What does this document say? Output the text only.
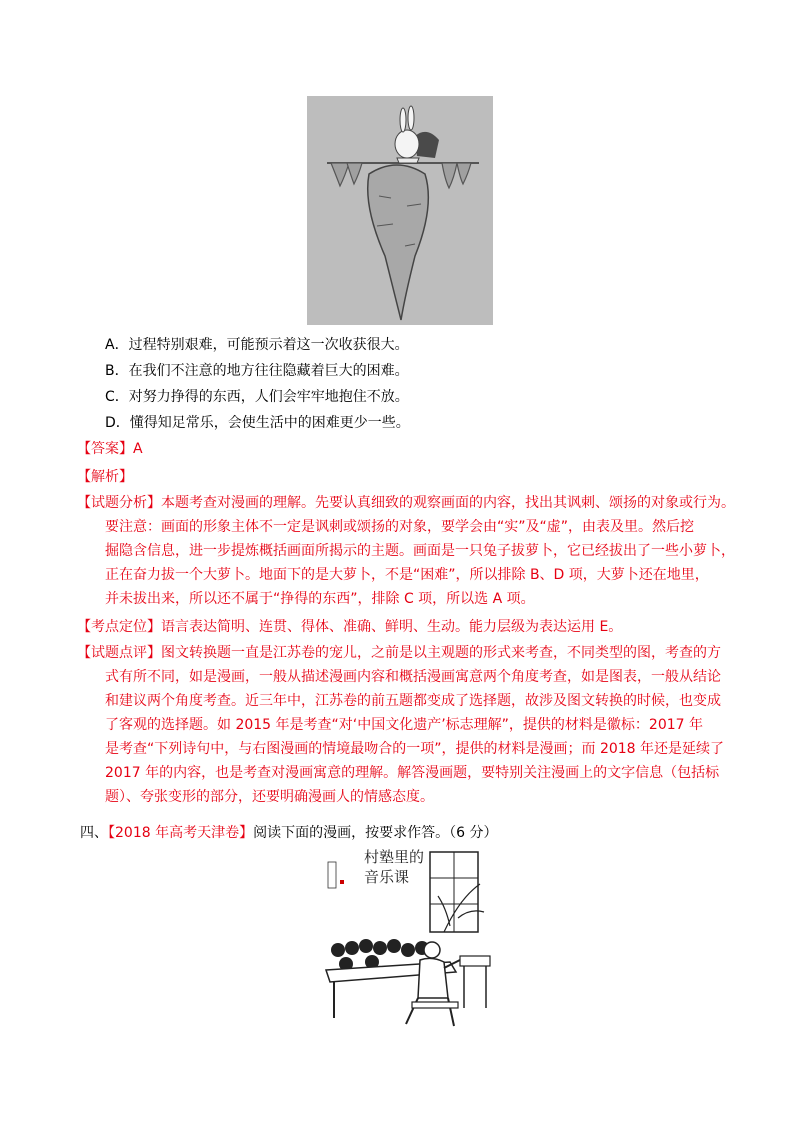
A．过程特别艰难，可能预示着这一次收获很大。
B．在我们不注意的地方往往隐藏着巨大的困难。
C．对努力挣得的东西，人们会牢牢地抱住不放。
D．懂得知足常乐，会使生活中的困难更少一些。
【答案】A
【解析】
【试题分析】本题考查对漫画的理解。先要认真细致的观察画面的内容，找出其讽刺、颂扬的对象或行为。
要注意：画面的形象主体不一定是讽刺或颂扬的对象，要学会由“实”及“虚”，由表及里。然后挖
掘隐含信息，进一步提炼概括画面所揭示的主题。画面是一只兔子拔萝卜，它已经拔出了一些小萝卜，
正在奋力拔一个大萝卜。地面下的是大萝卜，不是“困难”，所以排除 B、D 项，大萝卜还在地里，
并未拔出来，所以还不属于“挣得的东西”，排除 C 项，所以选 A 项。
【考点定位】语言表达简明、连贯、得体、准确、鲜明、生动。能力层级为表达运用 E。
【试题点评】图文转换题一直是江苏卷的宠儿，之前是以主观题的形式来考查，不同类型的图，考查的方
式有所不同，如是漫画，一般从描述漫画内容和概括漫画寓意两个角度考查，如是图表，一般从结论
和建议两个角度考查。近三年中，江苏卷的前五题都变成了选择题，故涉及图文转换的时候，也变成
了客观的选择题。如 2015 年是考查“对‘中国文化遗产’标志理解”，提供的材料是徽标：2017 年
是考查“下列诗句中，与右图漫画的情境最吻合的一项”，提供的材料是漫画；而 2018 年还是延续了
2017 年的内容，也是考查对漫画寓意的理解。解答漫画题，要特别关注漫画上的文字信息（包括标
题）、夸张变形的部分，还要明确漫画人的情感态度。
四、【2018 年高考天津卷】阅读下面的漫画，按要求作答。（6 分）
村塾里的
音乐课
